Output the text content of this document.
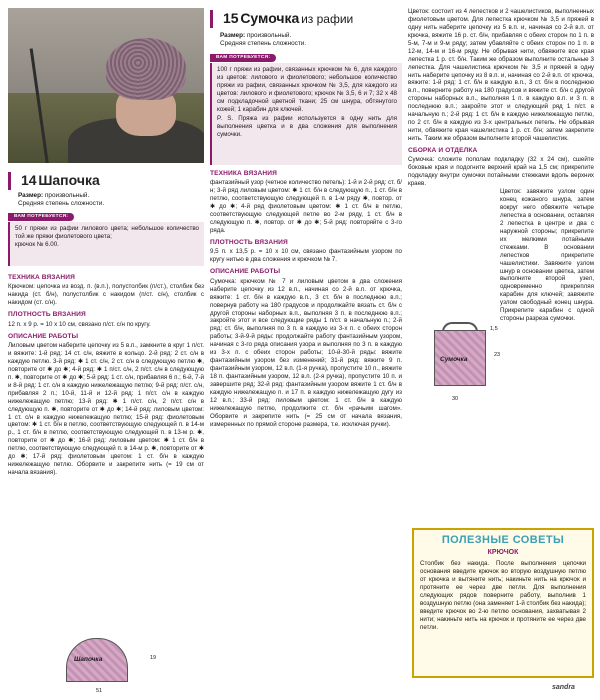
14 Шапочка
Размер: произвольный.
Средняя степень сложности.
ВАМ ПОТРЕБУЕТСЯ:
50 г пряжи из рафии лилового цвета; небольшое количество той же пряжи фиолетового цвета;
крючок № 6.00.
ТЕХНИКА ВЯЗАНИЯ
Крючком: цепочка из возд. п. (в.п.), полустолбик (п/ст.), столбик без накида (ст. б/н), полустолбик с накидом (п/ст. с/н), столбик с накидом (ст. с/н).
ПЛОТНОСТЬ ВЯЗАНИЯ
12 п. х 9 р. = 10 х 10 см, связано п/ст. с/н по кругу.
ОПИСАНИЕ РАБОТЫ
Лиловым цветом наберите цепочку из 5 в.п., замкните в круг 1 п/ст. и вяжите: 1-й ряд: 14 ст. с/н, вяжите в кольцо. 2-й ряд: 2 ст. с/н в каждую петлю. 3-й ряд: ✱ 1 ст. с/н, 2 ст. с/н в следующую петлю ✱, повторите от ✱ до ✱; 4-й ряд: ✱ 1 п/ст. с/н, 2 п/ст. с/н в следующую п. ✱, повторите от ✱ до ✱; 5-й ряд: 1 ст. с/н, прибавляя 6 п.; 6-й, 7-й и 8-й ряд: 1 ст. с/н в каждую нижележащую петлю; 9-й ряд: п/ст. с/н, прибавляя 2 п.; 10-й, 11-й и 12-й ряд: 1 п/ст. с/н в каждую нижележащую петлю; 13-й ряд: ✱ 1 п/ст. с/н, 2 п/ст. с/н в следующую п. ✱, повторите от ✱ до ✱; 14-й ряд: лиловым цветом: 1 ст. с/н в каждую нижележащую петлю; 15-й ряд: фиолетовым цветом: ✱ 1 ст. б/н в петлю, соответствующую следующей п. в 14-м р., 1 ст. б/н в петлю, соответствующую следующей п. в 13-м р. ✱, повторите от ✱ до ✱; 16-й ряд: лиловым цветом: ✱ 1 ст. б/н в петлю, соответствующую следующей п. в 14-м р. ✱, повторите от ✱ до ✱; 17-й ряд: фиолетовым цветом: 1 ст. б/н в каждую нижележащую петлю. Оборвите и закрепите нить (= 19 см от начала вязания).
Шапочка	19
51
15 Сумочка из рафии
Размер: произвольный.
Средняя степень сложности.
ВАМ ПОТРЕБУЕТСЯ:
100 г пряжи из рафии, связанных крючком № 6, для каждого из цветов: лилового и фиолетового; небольшое количество пряжи из рафии, связанных крючком № 3,5, для каждого из цветов: лилового и фиолетового; крючок № 3,5, 6 и 7; 32 х 48 см подкладочной цветной ткани; 25 см шнура, обтянутого кожей; 1 карабин для ключей.
P. S. Пряжа из рафии используется в одну нить для выполнения цветка и в два сложения для выполнения сумочки.
ТЕХНИКА ВЯЗАНИЯ
фантазийный узор (четное количество петель): 1-й и 2-й ряд: ст. б/н; 3-й ряд лиловым цветом: ✱ 1 ст. б/н в следующую п., 1 ст. б/н в петлю, соответствующую следующей п. в 1-м ряду ✱, повтор. от ✱ до ✱; 4-й ряд фиолетовым цветом: ✱ 1 ст. б/н в петлю, соответствующую следующей петле во 2-м ряду, 1 ст. б/н в следующую п. ✱, повтор. от ✱ до ✱; 5-й ряд: повторяйте с 3-го ряда.
ПЛОТНОСТЬ ВЯЗАНИЯ
9,5 п. х 13,5 р. = 10 х 10 см, связано фантазийным узором по кругу нитью в два сложения и крючком № 7.
ОПИСАНИЕ РАБОТЫ
Сумочка: крючком № 7 и лиловым цветом в два сложения наберите цепочку из 12 в.п., начиная со 2-й в.п. от крючка, вяжите: 1 ст. б/н в каждую в.п., 3 ст. б/н в последнюю в.п.; повернув работу на 180 градусов и продолжайте вязать ст. б/н с другой стороны наборных в.п., выполняя 3 п. в последнюю в.п.; закройте этот и все следующие ряды 1 п/ст. в начальную п.; 2-й ряд: ст. б/н, выполняя по 3 п. в каждую из 3-х п. с обеих сторон работы; 3-й-9-й ряды: продолжайте работу фантазийным узором, начиная с 3-го ряда описания узора и выполняя по 3 п. в каждую из 3-х п. с обеих сторон работы; 10-й-30-й ряды: вяжите фантазийным узором без изменений; 31-й ряд: вяжите 9 п. фантазийным узором, 12 в.п. (1-я ручка), пропустите 10 п., вяжите 18 п. фантазийным узором, 12 в.п. (2-я ручка), пропустите 10 п. и завершите ряд; 32-й ряд: фантазийным узором вяжите 1 ст. б/н в каждую нижележащую п. и 17 п. в каждую нижележащую дугу из 12 в.п.; 33-й ряд: лиловым цветом: 1 ст. б/н в каждую нижележащую петлю, продолжите ст. б/н «рачьим шагом». Оборвите и закрепите нить (= 25 см от начала вязания, измеренных по прямой стороне размера, т.е. исключая ручки).
Цветок: состоит из 4 лепестков и 2 чашелистиков, выполненных фиолетовым цветом. Для лепестка крючком № 3,5 и пряжей в одну нить наберите цепочку из 5 в.п. и, начиная со 2-й в.п. от крючка, вяжите 16 р. ст. б/н, прибавляя с обеих сторон по 1 п. в 5-м, 7-м и 9-м ряду; затем убавляйте с обеих сторон по 1 п. в 12-м, 14-м и 16-м ряду. Не обрывая нити, обвяжите все края лепестка 1 р. ст. б/н. Таким же образом выполните остальные 3 лепестка. Для чашелистика крючком № 3,5 и пряжей в одну нить наберите цепочку из 8 в.п. и, начиная со 2-й в.п. от крючка, вяжите: 1-й ряд: 1 ст. б/н в каждую в.п., 3 ст. б/н в последнюю в.п., поверните работу на 180 градусов и вяжите ст. б/н с другой стороны наборных в.п., выполняя 1 п. в каждую в.п. и 3 п. в последнюю в.п.; закройте этот и следующий ряд 1 п/ст. в начальную п.; 2-й ряд: 1 ст. б/н в каждую нижележащую петлю, по 2 ст. б/н в каждую из 3-х центральных петель. Не обрывая нити, обвяжите края чашелистика 1 р. ст. б/н; затем закрепите нить. Таким же образом выполните второй чашелистик.
СБОРКА И ОТДЕЛКА
Сумочка: сложите пополам подкладку (32 х 24 см), сшейте боковые края и подогните верхний край на 1,5 см; прикрепите подкладку внутри сумочки потайными стежками вдоль верхних краев.
Цветок: завяжите узлом один конец кожаного шнура, затем вокруг него обвяжите четыре лепестка в основании, оставляя 2 лепестка в центре и два с наружной стороны; прикрепите их мелкими потайными стежками. В основании лепестков прикрепите чашелистики. Завяжите узлом шнур в основании цветка, затем выполните второй узел, одновременно прикрепляя карабин для ключей; завяжите узлом свободный конец шнура. Прикрепите карабин с одной стороны разреза сумочки.
Сумочка
1,5
23
30
ПОЛЕЗНЫЕ СОВЕТЫ
КРЮЧОК
Столбик без накида. После выполнения цепочки основания введите крючок во вторую воздушную петлю от крючка и вытяните нить; накиньте нить на крючок и протяните ее через две петли. Для выполнения следующих рядов поверните работу, выполнив 1 воздушную петлю (она заменяет 1-й столбик без накида); введите крючок во 2-ю петлю основания, захватывая 2 нити; накиньте нить на крючок и протяните ее через две петли.
sandra
